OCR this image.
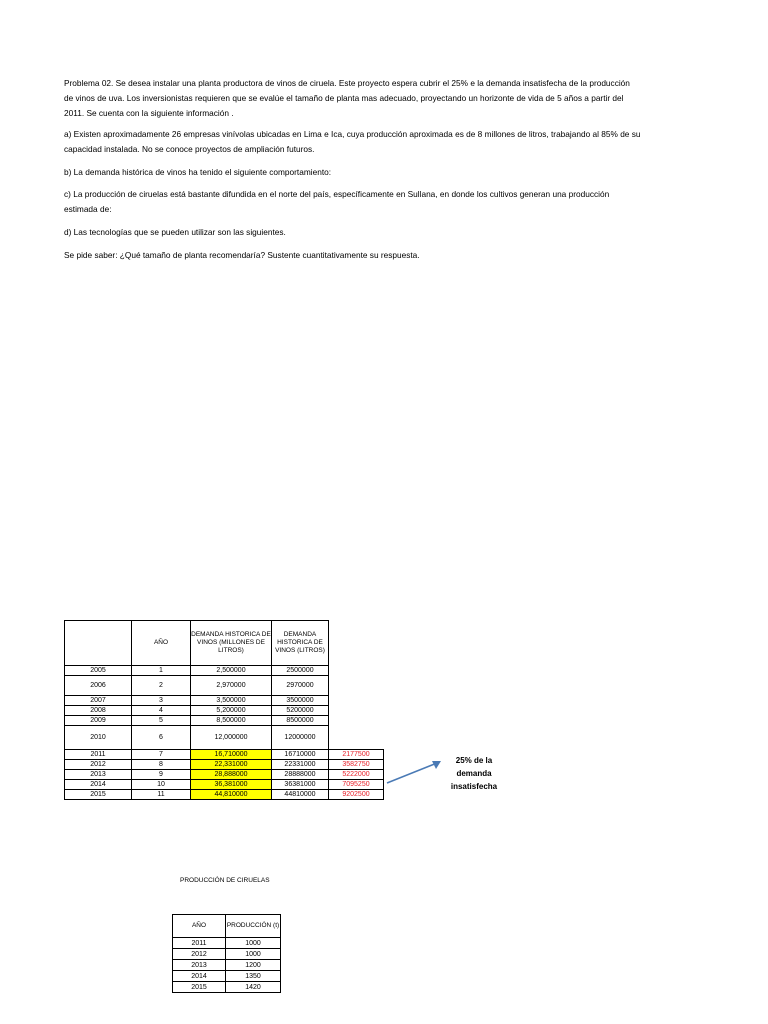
Problema 02. Se desea instalar una planta productora de vinos de ciruela. Este proyecto espera cubrir el 25% e la demanda insatisfecha de la producción
de vinos de uva. Los inversionistas requieren que se evalúe el tamaño de planta mas adecuado, proyectando un horizonte de vida de 5 años a partir del
2011. Se cuenta con la siguiente información .

a) Existen aproximadamente 26 empresas vinívolas ubicadas en Lima e Ica, cuya producción aproximada es de 8 millones de litros, trabajando al 85% de su
capacidad instalada. No se conoce proyectos de ampliación futuros.

b) La demanda histórica de vinos ha tenido el siguiente comportamiento:

c) La producción de ciruelas está bastante difundida en el norte del país, específicamente en Sullana, en donde los cultivos generan una producción
estimada de:

d) Las tecnologías que se pueden utilizar son las siguientes.

Se pide saber: ¿Qué tamaño de planta recomendaría? Sustente cuantitativamente su respuesta.

	AÑO	DEMANDA HISTORICA DE VINOS (MILLONES DE LITROS)	DEMANDA HISTORICA DE VINOS (LITROS)	
2005	1	2,500000	2500000	
2006	2	2,970000	2970000	
2007	3	3,500000	3500000	
2008	4	5,200000	5200000	
2009	5	8,500000	8500000	
2010	6	12,000000	12000000	
2011	7	16,710000	16710000	2177500
2012	8	22,331000	22331000	3582750
2013	9	28,888000	28888000	5222000
2014	10	36,381000	36381000	7095250
2015	11	44,810000	44810000	9202500
25% de la
demanda
insatisfecha
PRODUCCIÓN DE CIRUELAS
AÑO	PRODUCCIÓN (t)
2011	1000
2012	1000
2013	1200
2014	1350
2015	1420
